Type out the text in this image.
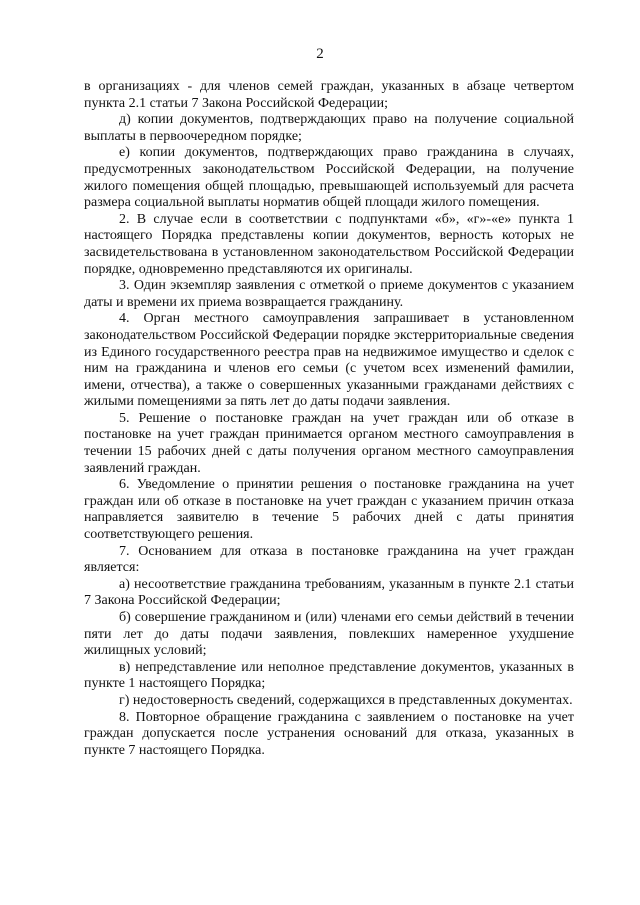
2

в организациях - для членов семей граждан, указанных в абзаце четвертом пункта 2.1 статьи 7 Закона Российской Федерации;

д) копии документов, подтверждающих право на получение социальной выплаты в первоочередном порядке;

е) копии документов, подтверждающих право гражданина в случаях, предусмотренных законодательством Российской Федерации, на получение жилого помещения общей площадью, превышающей используемый для расчета размера социальной выплаты норматив общей площади жилого помещения.

2. В случае если в соответствии с подпунктами «б», «г»-«е» пункта 1 настоящего Порядка представлены копии документов, верность которых не засвидетельствована в установленном законодательством Российской Федерации порядке, одновременно представляются их оригиналы.

3. Один экземпляр заявления с отметкой о приеме документов с указанием даты и времени их приема возвращается гражданину.

4. Орган местного самоуправления запрашивает в установленном законодательством Российской Федерации порядке экстерриториальные сведения из Единого государственного реестра прав на недвижимое имущество и сделок с ним на гражданина и членов его семьи (с учетом всех изменений фамилии, имени, отчества), а также о совершенных указанными гражданами действиях с жилыми помещениями за пять лет до даты подачи заявления.

5. Решение о постановке граждан на учет граждан или об отказе в постановке на учет граждан принимается органом местного самоуправления в течении 15 рабочих дней с даты получения органом местного самоуправления заявлений граждан.

6. Уведомление о принятии решения о постановке гражданина на учет граждан или об отказе в постановке на учет граждан с указанием причин отказа направляется заявителю в течение 5 рабочих дней с даты принятия соответствующего решения.

7. Основанием для отказа в постановке гражданина на учет граждан является:

а) несоответствие гражданина требованиям, указанным в пункте 2.1 статьи 7 Закона Российской Федерации;

б) совершение гражданином и (или) членами его семьи действий в течении пяти лет до даты подачи заявления, повлекших намеренное ухудшение жилищных условий;

в) непредставление или неполное представление документов, указанных в пункте 1 настоящего Порядка;

г) недостоверность сведений, содержащихся в представленных документах.

8. Повторное обращение гражданина с заявлением о постановке на учет граждан допускается после устранения оснований для отказа, указанных в пункте 7 настоящего Порядка.
